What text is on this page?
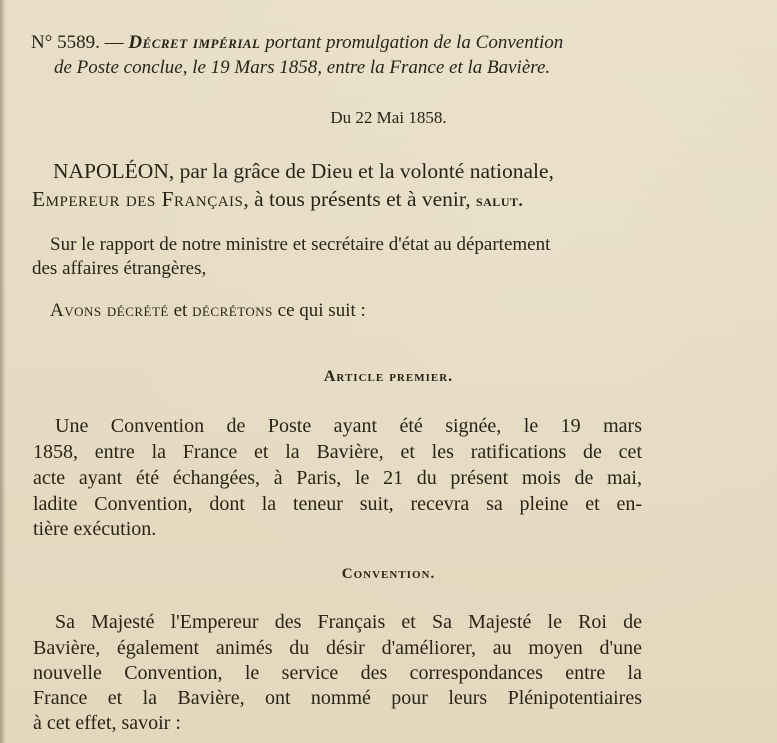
N° 5589. — Décret impérial portant promulgation de la Convention

de Poste conclue, le 19 Mars 1858, entre la France et la Bavière.

Du 22 Mai 1858.

NAPOLÉON, par la grâce de Dieu et la volonté nationale,

Empereur des Français, à tous présents et à venir, salut.

Sur le rapport de notre ministre et secrétaire d'état au département

des affaires étrangères,

Avons décrété et décrétons ce qui suit :

Article premier.

Une Convention de Poste ayant été signée, le 19 mars

1858, entre la France et la Bavière, et les ratifications de cet

acte ayant été échangées, à Paris, le 21 du présent mois de mai,

ladite Convention, dont la teneur suit, recevra sa pleine et en-

tière exécution.

Convention.

Sa Majesté l'Empereur des Français et Sa Majesté le Roi de

Bavière, également animés du désir d'améliorer, au moyen d'une

nouvelle Convention, le service des correspondances entre la

France et la Bavière, ont nommé pour leurs Plénipotentiaires

à cet effet, savoir :
